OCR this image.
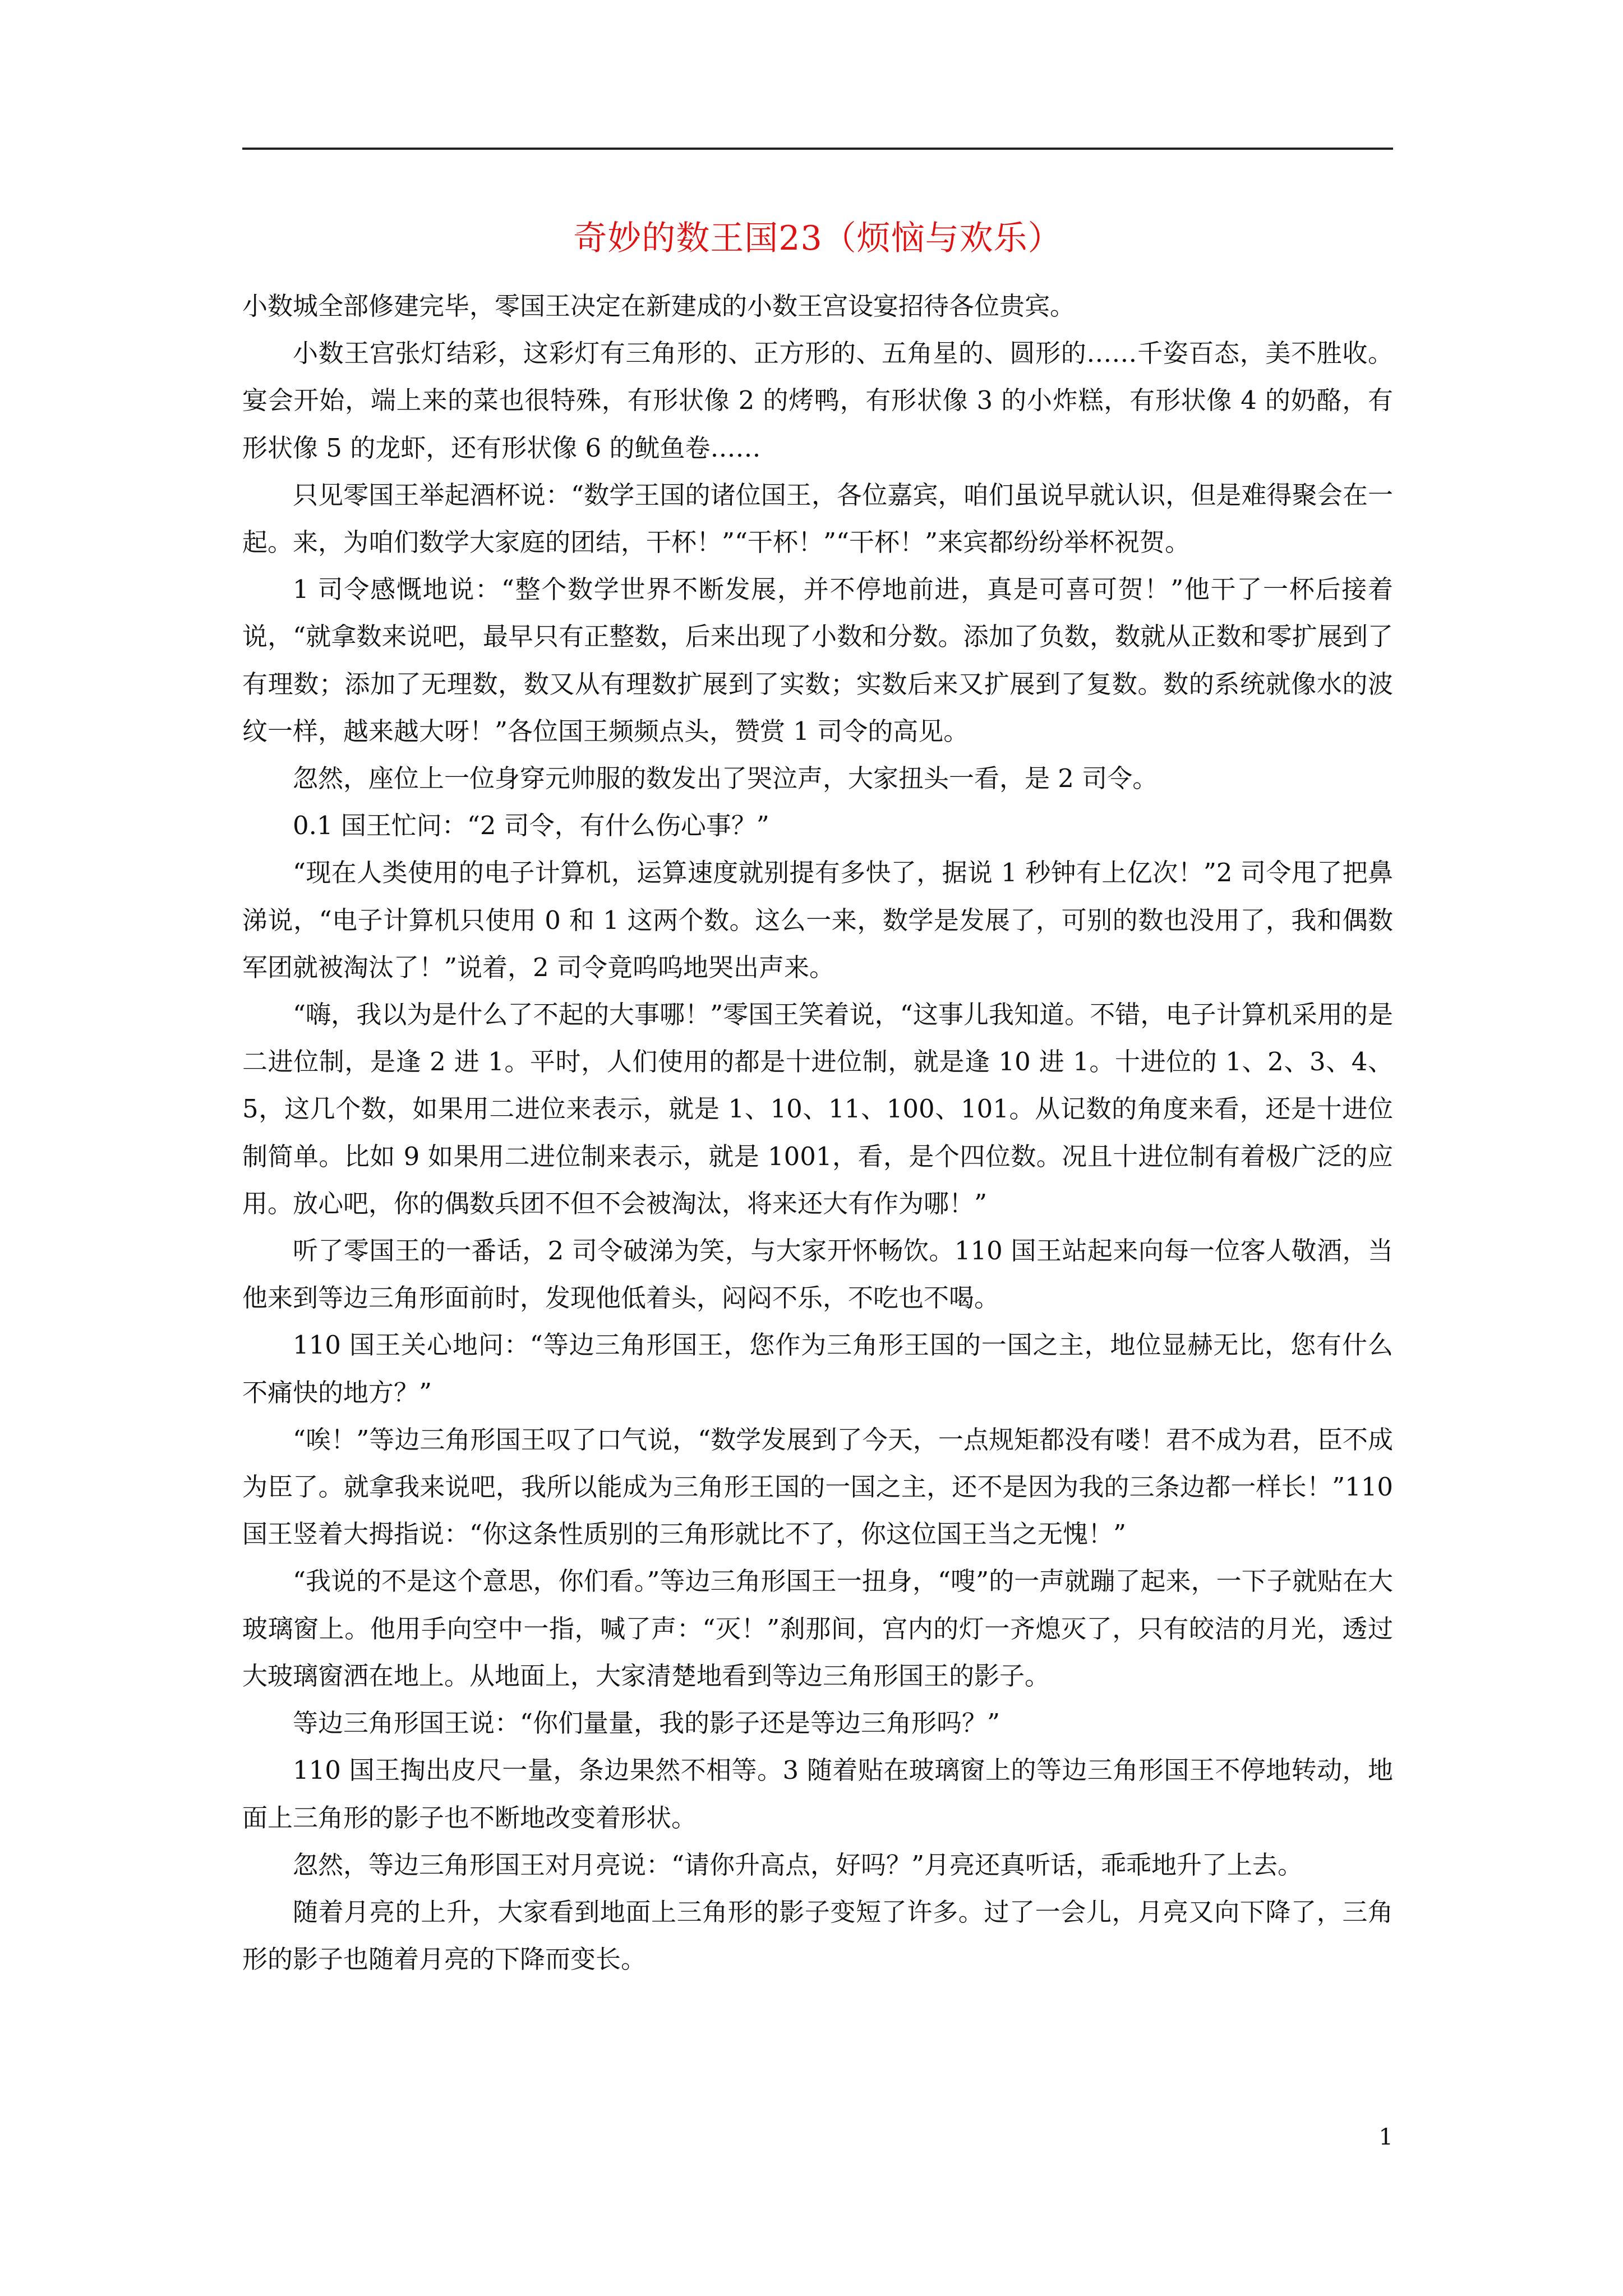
奇妙的数王国23（烦恼与欢乐）

小数城全部修建完毕，零国王决定在新建成的小数王宫设宴招待各位贵宾。

小数王宫张灯结彩，这彩灯有三角形的、正方形的、五角星的、圆形的……千姿百态，美不胜收。宴会开始，端上来的菜也很特殊，有形状像 2 的烤鸭，有形状像 3 的小炸糕，有形状像 4 的奶酪，有形状像 5 的龙虾，还有形状像 6 的鱿鱼卷……

只见零国王举起酒杯说：“数学王国的诸位国王，各位嘉宾，咱们虽说早就认识，但是难得聚会在一起。来，为咱们数学大家庭的团结，干杯！”“干杯！”“干杯！”来宾都纷纷举杯祝贺。

1 司令感慨地说：“整个数学世界不断发展，并不停地前进，真是可喜可贺！”他干了一杯后接着说，“就拿数来说吧，最早只有正整数，后来出现了小数和分数。添加了负数，数就从正数和零扩展到了有理数；添加了无理数，数又从有理数扩展到了实数；实数后来又扩展到了复数。数的系统就像水的波纹一样，越来越大呀！”各位国王频频点头，赞赏 1 司令的高见。

忽然，座位上一位身穿元帅服的数发出了哭泣声，大家扭头一看，是 2 司令。

0.1 国王忙问：“2 司令，有什么伤心事？”

“现在人类使用的电子计算机，运算速度就别提有多快了，据说 1 秒钟有上亿次！”2 司令甩了把鼻涕说，“电子计算机只使用 0 和 1 这两个数。这么一来，数学是发展了，可别的数也没用了，我和偶数军团就被淘汰了！”说着，2 司令竟呜呜地哭出声来。

“嗨，我以为是什么了不起的大事哪！”零国王笑着说，“这事儿我知道。不错，电子计算机采用的是二进位制，是逢 2 进 1。平时，人们使用的都是十进位制，就是逢 10 进 1。十进位的 1、2、3、4、5，这几个数，如果用二进位来表示，就是 1、10、11、100、101。从记数的角度来看，还是十进位制简单。比如 9 如果用二进位制来表示，就是 1001，看，是个四位数。况且十进位制有着极广泛的应用。放心吧，你的偶数兵团不但不会被淘汰，将来还大有作为哪！”

听了零国王的一番话，2 司令破涕为笑，与大家开怀畅饮。110 国王站起来向每一位客人敬酒，当他来到等边三角形面前时，发现他低着头，闷闷不乐，不吃也不喝。

110 国王关心地问：“等边三角形国王，您作为三角形王国的一国之主，地位显赫无比，您有什么不痛快的地方？”

“唉！”等边三角形国王叹了口气说，“数学发展到了今天，一点规矩都没有喽！君不成为君，臣不成为臣了。就拿我来说吧，我所以能成为三角形王国的一国之主，还不是因为我的三条边都一样长！”110 国王竖着大拇指说：“你这条性质别的三角形就比不了，你这位国王当之无愧！”

“我说的不是这个意思，你们看。”等边三角形国王一扭身，“嗖”的一声就蹦了起来，一下子就贴在大玻璃窗上。他用手向空中一指，喊了声：“灭！”刹那间，宫内的灯一齐熄灭了，只有皎洁的月光，透过大玻璃窗洒在地上。从地面上，大家清楚地看到等边三角形国王的影子。

等边三角形国王说：“你们量量，我的影子还是等边三角形吗？”

110 国王掏出皮尺一量，条边果然不相等。3 随着贴在玻璃窗上的等边三角形国王不停地转动，地面上三角形的影子也不断地改变着形状。

忽然，等边三角形国王对月亮说：“请你升高点，好吗？”月亮还真听话，乖乖地升了上去。

随着月亮的上升，大家看到地面上三角形的影子变短了许多。过了一会儿，月亮又向下降了，三角形的影子也随着月亮的下降而变长。

1
